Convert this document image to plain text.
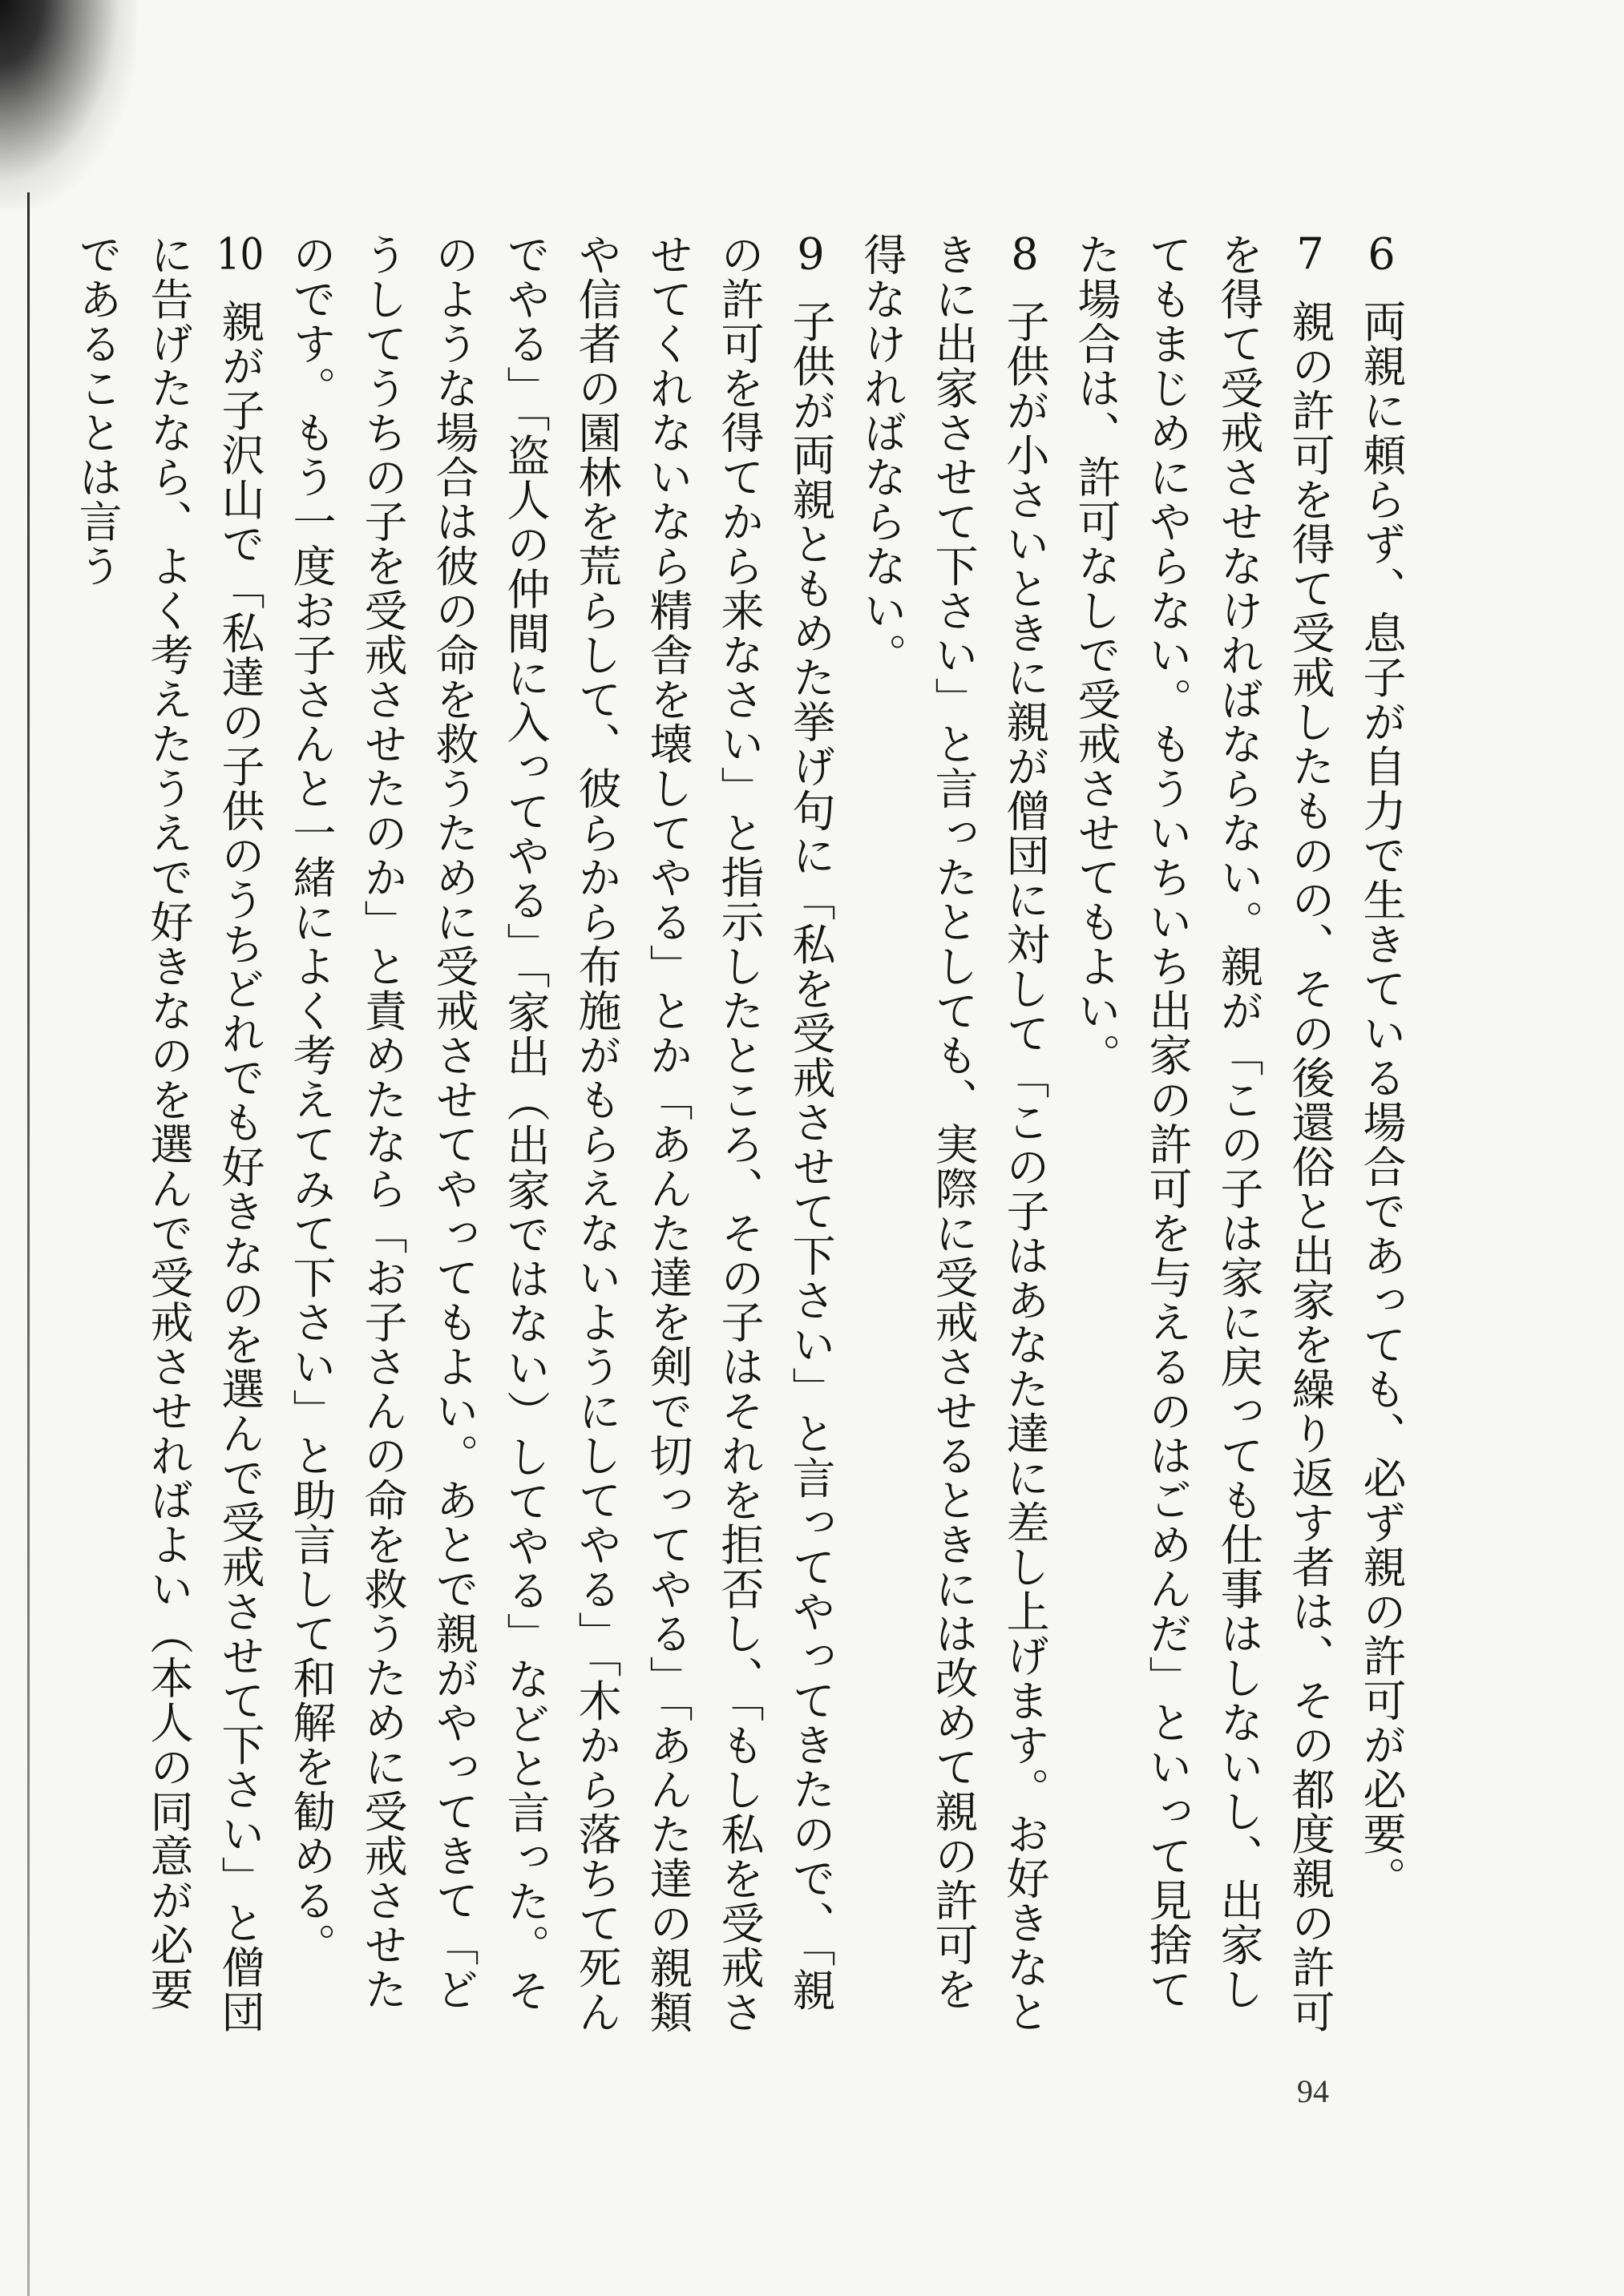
6両親に頼らず、息子が自力で生きている場合であっても、必ず親の許可が必要。

7親の許可を得て受戒したものの、その後還俗と出家を繰り返す者は、その都度親の許可を得て受戒させなければならない。親が「この子は家に戻っても仕事はしないし、出家してもまじめにやらない。もういちいち出家の許可を与えるのはごめんだ」といって見捨てた場合は、許可なしで受戒させてもよい。

8子供が小さいときに親が僧団に対して「この子はあなた達に差し上げます。お好きなときに出家させて下さい」と言ったとしても、実際に受戒させるときには改めて親の許可を得なければならない。

9子供が両親ともめた挙げ句に「私を受戒させて下さい」と言ってやってきたので、「親の許可を得てから来なさい」と指示したところ、その子はそれを拒否し、「もし私を受戒させてくれないなら精舎を壊してやる」とか「あんた達を剣で切ってやる」「あんた達の親類や信者の園林を荒らして、彼らから布施がもらえないようにしてやる」「木から落ちて死んでやる」「盗人の仲間に入ってやる」「家出（出家ではない）してやる」などと言った。そのような場合は彼の命を救うために受戒させてやってもよい。あとで親がやってきて「どうしてうちの子を受戒させたのか」と責めたなら「お子さんの命を救うために受戒させたのです。もう一度お子さんと一緒によく考えてみて下さい」と助言して和解を勧める。

10親が子沢山で「私達の子供のうちどれでも好きなのを選んで受戒させて下さい」と僧団に告げたなら、よく考えたうえで好きなのを選んで受戒させればよい（本人の同意が必要であることは言う

94
